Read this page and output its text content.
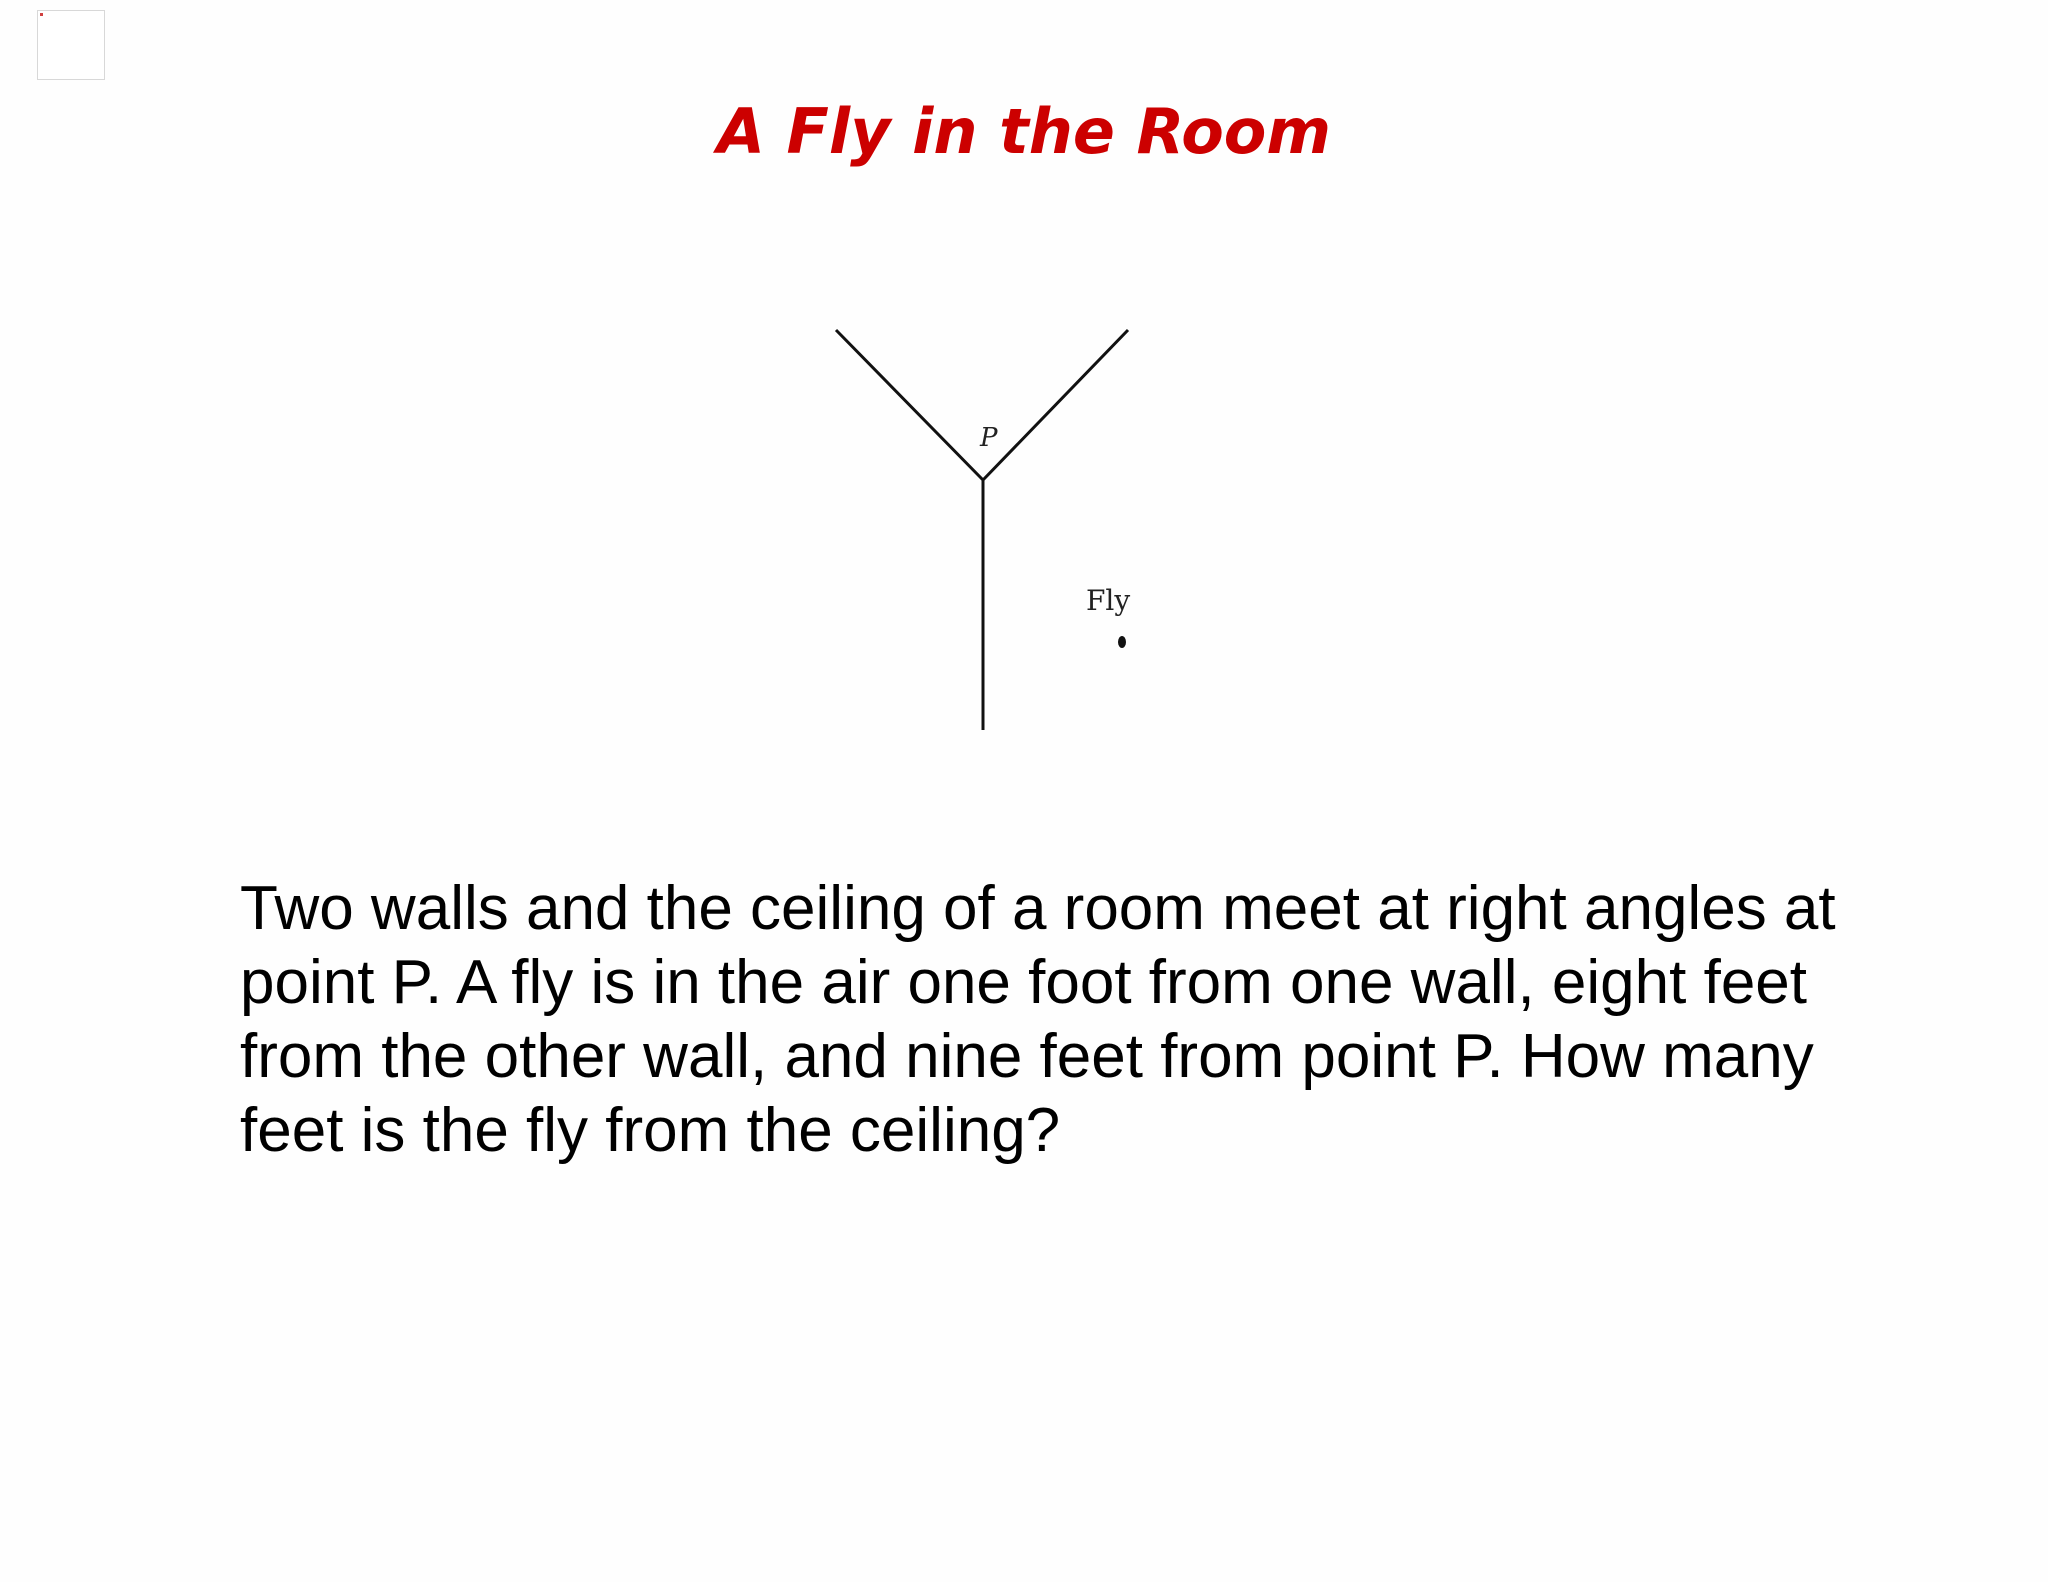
A Fly in the Room
P
Fly

Two walls and the ceiling of a room meet at right angles at point P. A fly is in the air one foot from one wall, eight feet from the other wall, and nine feet from point P. How many feet is the fly from the ceiling?
